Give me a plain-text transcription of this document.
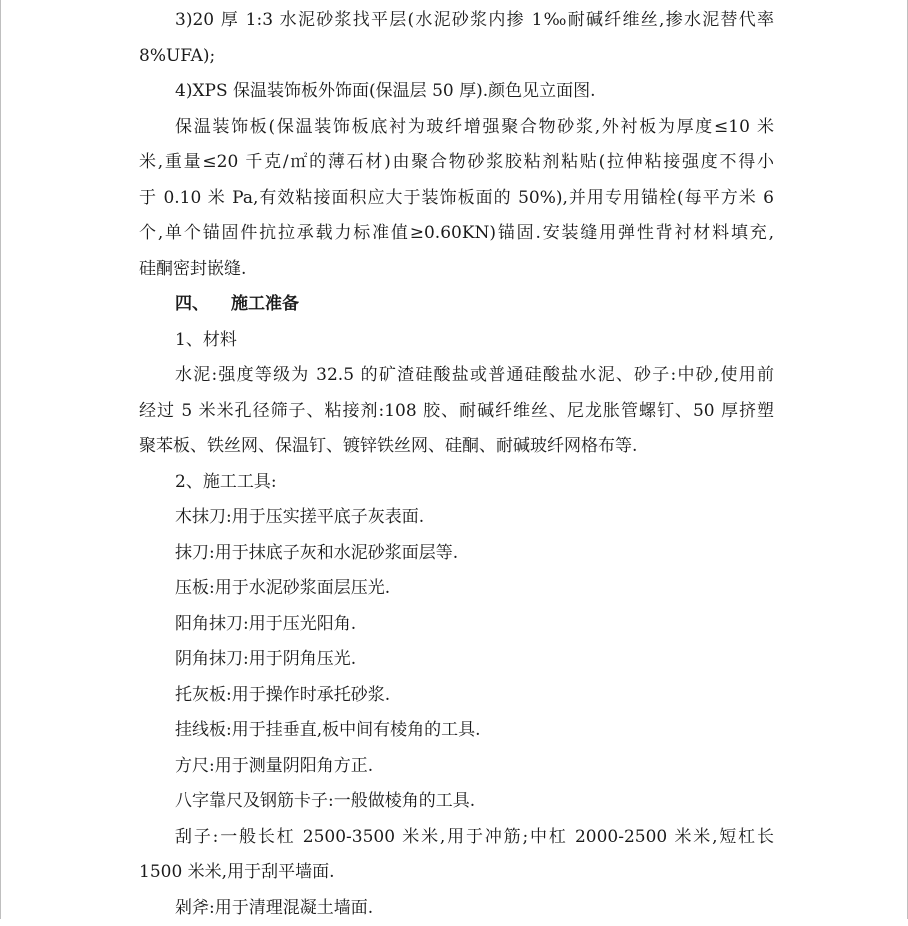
3)20 厚 1:3 水泥砂浆找平层(水泥砂浆内掺 1‰耐碱纤维丝,掺水泥替代率
8%UFA);
4)XPS 保温装饰板外饰面(保温层 50 厚).颜色见立面图.
保温装饰板(保温装饰板底衬为玻纤增强聚合物砂浆,外衬板为厚度≤10 米
米,重量≤20 千克/㎡的薄石材)由聚合物砂浆胶粘剂粘贴(拉伸粘接强度不得小
于 0.10 米 Pa,有效粘接面积应大于装饰板面的 50%),并用专用锚栓(每平方米 6
个,单个锚固件抗拉承载力标准值≥0.60KN)锚固.安装缝用弹性背衬材料填充,
硅酮密封嵌缝.
四、 施工准备
1、材料
水泥:强度等级为 32.5 的矿渣硅酸盐或普通硅酸盐水泥、砂子:中砂,使用前
经过 5 米米孔径筛子、粘接剂:108 胶、耐碱纤维丝、尼龙胀管螺钉、50 厚挤塑
聚苯板、铁丝网、保温钉、镀锌铁丝网、硅酮、耐碱玻纤网格布等.
2、施工工具:
木抹刀:用于压实搓平底子灰表面.
抹刀:用于抹底子灰和水泥砂浆面层等.
压板:用于水泥砂浆面层压光.
阳角抹刀:用于压光阳角.
阴角抹刀:用于阴角压光.
托灰板:用于操作时承托砂浆.
挂线板:用于挂垂直,板中间有棱角的工具.
方尺:用于测量阴阳角方正.
八字靠尺及钢筋卡子:一般做棱角的工具.
刮子:一般长杠 2500-3500 米米,用于冲筋;中杠 2000-2500 米米,短杠长
1500 米米,用于刮平墙面.
剁斧:用于清理混凝土墙面.
